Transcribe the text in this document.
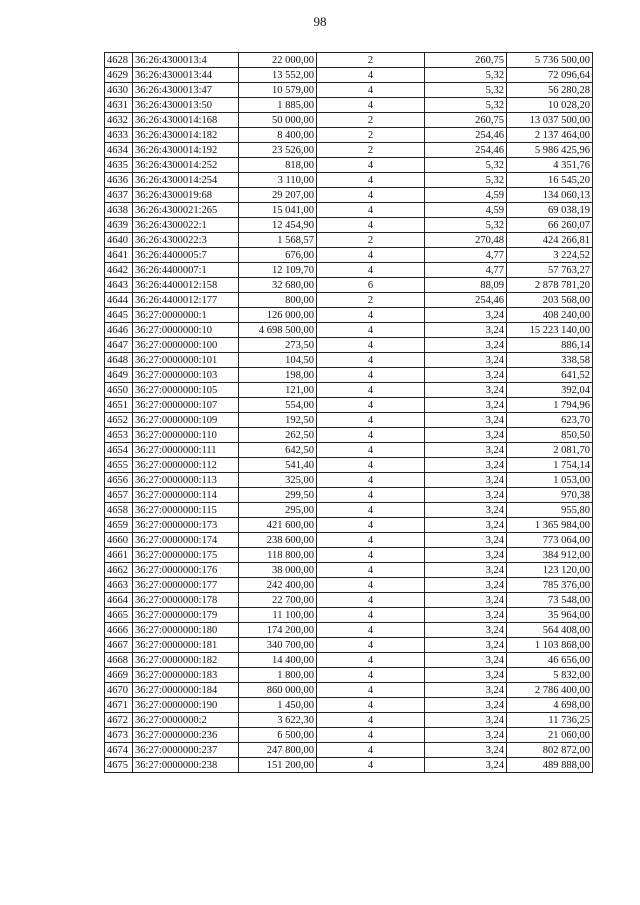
98
4628	36:26:4300013:4	22 000,00	2	260,75	5 736 500,00
4629	36:26:4300013:44	13 552,00	4	5,32	72 096,64
4630	36:26:4300013:47	10 579,00	4	5,32	56 280,28
4631	36:26:4300013:50	1 885,00	4	5,32	10 028,20
4632	36:26:4300014:168	50 000,00	2	260,75	13 037 500,00
4633	36:26:4300014:182	8 400,00	2	254,46	2 137 464,00
4634	36:26:4300014:192	23 526,00	2	254,46	5 986 425,96
4635	36:26:4300014:252	818,00	4	5,32	4 351,76
4636	36:26:4300014:254	3 110,00	4	5,32	16 545,20
4637	36:26:4300019:68	29 207,00	4	4,59	134 060,13
4638	36:26:4300021:265	15 041,00	4	4,59	69 038,19
4639	36:26:4300022:1	12 454,90	4	5,32	66 260,07
4640	36:26:4300022:3	1 568,57	2	270,48	424 266,81
4641	36:26:4400005:7	676,00	4	4,77	3 224,52
4642	36:26:4400007:1	12 109,70	4	4,77	57 763,27
4643	36:26:4400012:158	32 680,00	6	88,09	2 878 781,20
4644	36:26:4400012:177	800,00	2	254,46	203 568,00
4645	36:27:0000000:1	126 000,00	4	3,24	408 240,00
4646	36:27:0000000:10	4 698 500,00	4	3,24	15 223 140,00
4647	36:27:0000000:100	273,50	4	3,24	886,14
4648	36:27:0000000:101	104,50	4	3,24	338,58
4649	36:27:0000000:103	198,00	4	3,24	641,52
4650	36:27:0000000:105	121,00	4	3,24	392,04
4651	36:27:0000000:107	554,00	4	3,24	1 794,96
4652	36:27:0000000:109	192,50	4	3,24	623,70
4653	36:27:0000000:110	262,50	4	3,24	850,50
4654	36:27:0000000:111	642,50	4	3,24	2 081,70
4655	36:27:0000000:112	541,40	4	3,24	1 754,14
4656	36:27:0000000:113	325,00	4	3,24	1 053,00
4657	36:27:0000000:114	299,50	4	3,24	970,38
4658	36:27:0000000:115	295,00	4	3,24	955,80
4659	36:27:0000000:173	421 600,00	4	3,24	1 365 984,00
4660	36:27:0000000:174	238 600,00	4	3,24	773 064,00
4661	36:27:0000000:175	118 800,00	4	3,24	384 912,00
4662	36:27:0000000:176	38 000,00	4	3,24	123 120,00
4663	36:27:0000000:177	242 400,00	4	3,24	785 376,00
4664	36:27:0000000:178	22 700,00	4	3,24	73 548,00
4665	36:27:0000000:179	11 100,00	4	3,24	35 964,00
4666	36:27:0000000:180	174 200,00	4	3,24	564 408,00
4667	36:27:0000000:181	340 700,00	4	3,24	1 103 868,00
4668	36:27:0000000:182	14 400,00	4	3,24	46 656,00
4669	36:27:0000000:183	1 800,00	4	3,24	5 832,00
4670	36:27:0000000:184	860 000,00	4	3,24	2 786 400,00
4671	36:27:0000000:190	1 450,00	4	3,24	4 698,00
4672	36:27:0000000:2	3 622,30	4	3,24	11 736,25
4673	36:27:0000000:236	6 500,00	4	3,24	21 060,00
4674	36:27:0000000:237	247 800,00	4	3,24	802 872,00
4675	36:27:0000000:238	151 200,00	4	3,24	489 888,00
